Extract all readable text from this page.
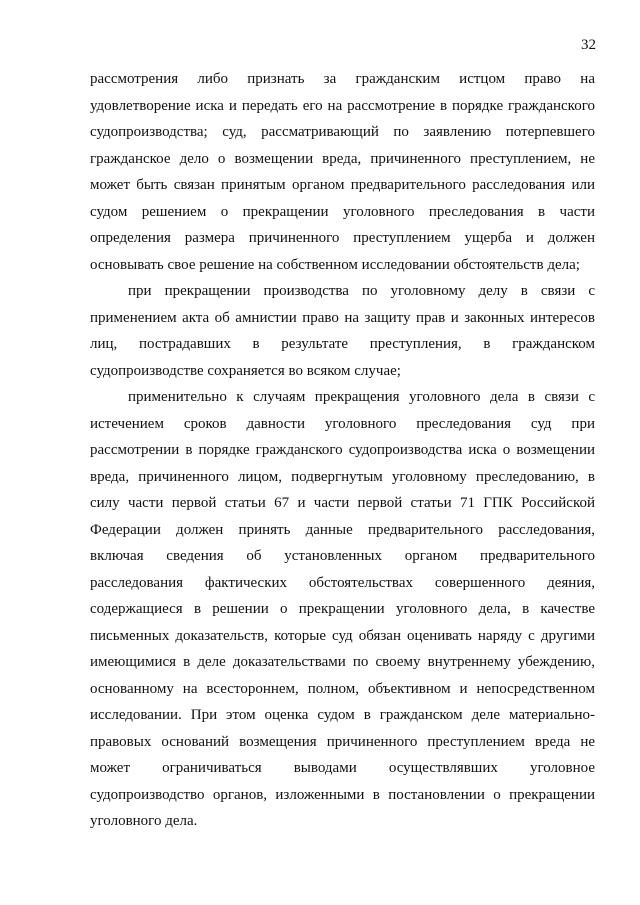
32
рассмотрения либо признать за гражданским истцом право на
удовлетворение иска и передать его на рассмотрение в порядке гражданского
судопроизводства; суд, рассматривающий по заявлению потерпевшего
гражданское дело о возмещении вреда, причиненного преступлением, не
может быть связан принятым органом предварительного расследования или
судом решением о прекращении уголовного преследования в части
определения размера причиненного преступлением ущерба и должен
основывать свое решение на собственном исследовании обстоятельств дела;
при прекращении производства по уголовному делу в связи с
применением акта об амнистии право на защиту прав и законных интересов
лиц, пострадавших в результате преступления, в гражданском
судопроизводстве сохраняется во всяком случае;
применительно к случаям прекращения уголовного дела в связи с
истечением сроков давности уголовного преследования суд при
рассмотрении в порядке гражданского судопроизводства иска о возмещении
вреда, причиненного лицом, подвергнутым уголовному преследованию, в
силу части первой статьи 67 и части первой статьи 71 ГПК Российской
Федерации должен принять данные предварительного расследования,
включая сведения об установленных органом предварительного
расследования фактических обстоятельствах совершенного деяния,
содержащиеся в решении о прекращении уголовного дела, в качестве
письменных доказательств, которые суд обязан оценивать наряду с другими
имеющимися в деле доказательствами по своему внутреннему убеждению,
основанному на всестороннем, полном, объективном и непосредственном
исследовании. При этом оценка судом в гражданском деле материально-
правовых оснований возмещения причиненного преступлением вреда не
может ограничиваться выводами осуществлявших уголовное
судопроизводство органов, изложенными в постановлении о прекращении
уголовного дела.
